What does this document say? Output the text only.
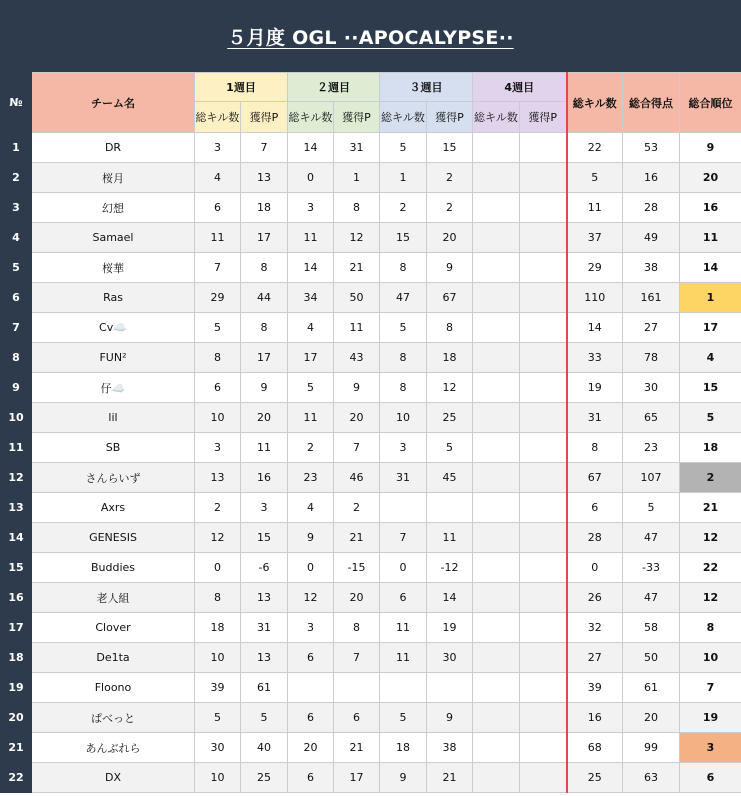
５月度 OGL ··APOCALYPSE··
№	チーム名	1週目		２週目		３週目		4週目		総キル数	総合得点	総合順位
		総キル数	獲得P	総キル数	獲得P	総キル数	獲得P	総キル数	獲得P			
1	DR	3	7	14	31	5	15			22	53	9
2	桜月	4	13	0	1	1	2			5	16	20
3	幻想	6	18	3	8	2	2			11	28	16
4	Samael	11	17	11	12	15	20			37	49	11
5	桜華	7	8	14	21	8	9			29	38	14
6	Ras	29	44	34	50	47	67			110	161	1
7	Cv☁️	5	8	4	11	5	8			14	27	17
8	FUN²	8	17	17	43	8	18			33	78	4
9	仔☁️	6	9	5	9	8	12			19	30	15
10	lil	10	20	11	20	10	25			31	65	5
11	SB	3	11	2	7	3	5			8	23	18
12	さんらいず	13	16	23	46	31	45			67	107	2
13	Axrs	2	3	4	2					6	5	21
14	GENESIS	12	15	9	21	7	11			28	47	12
15	Buddies	0	-6	0	-15	0	-12			0	-33	22
16	老人組	8	13	12	20	6	14			26	47	12
17	Clover	18	31	3	8	11	19			32	58	8
18	De1ta	10	13	6	7	11	30			27	50	10
19	Floono	39	61							39	61	7
20	ぱべっと	5	5	6	6	5	9			16	20	19
21	あんぶれら	30	40	20	21	18	38			68	99	3
22	DX	10	25	6	17	9	21			25	63	6
